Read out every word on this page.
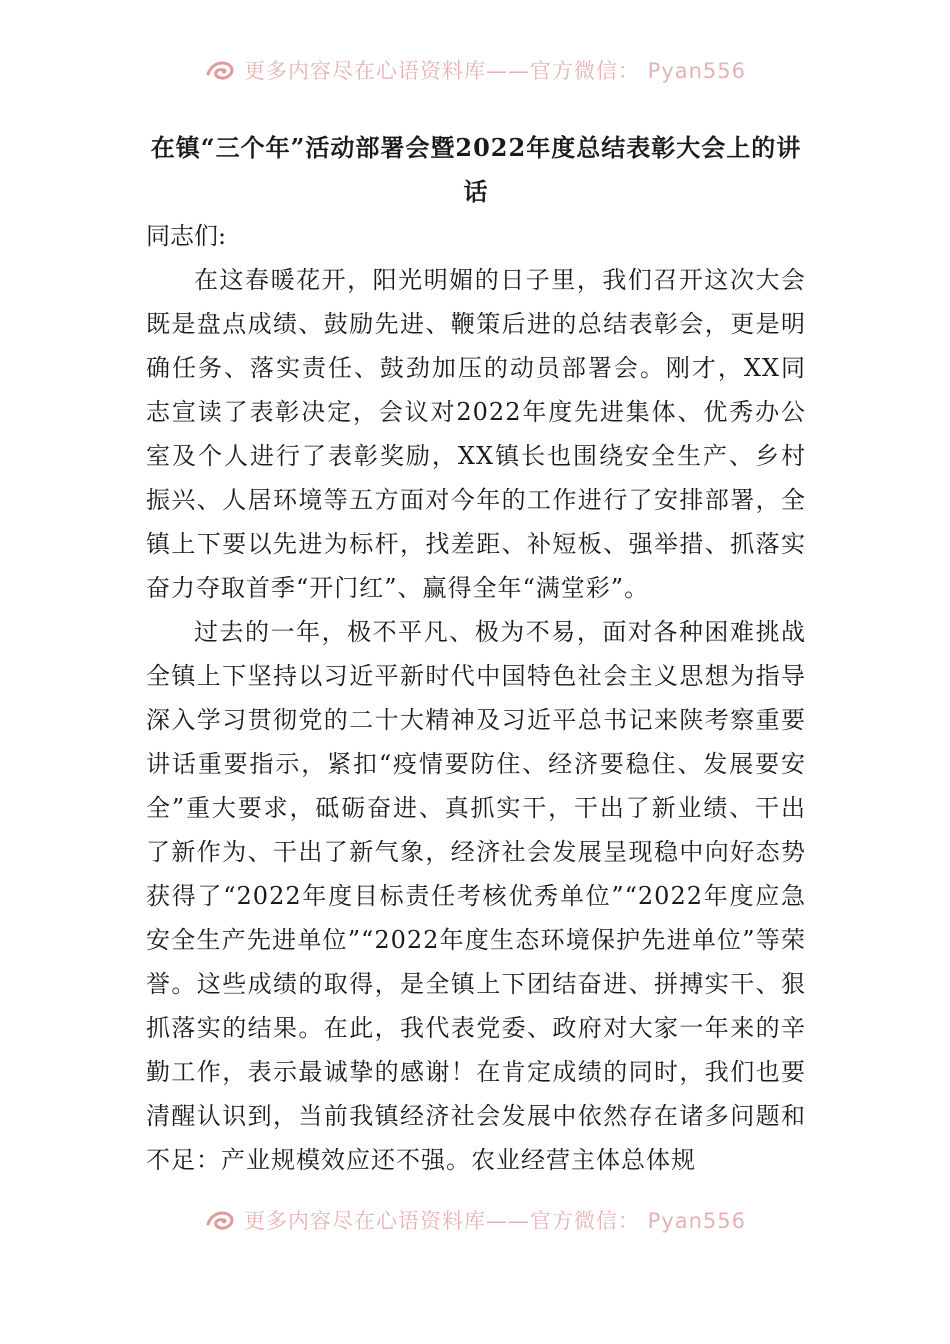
更多内容尽在心语资料库——官方微信： Pyan556
在镇“三个年”活动部署会暨2022年度总结表彰大会上的讲话

同志们:

在这春暖花开，阳光明媚的日子里，我们召开这次大会既是盘点成绩、鼓励先进、鞭策后进的总结表彰会，更是明确任务、落实责任、鼓劲加压的动员部署会。刚才，XX同志宣读了表彰决定，会议对2022年度先进集体、优秀办公室及个人进行了表彰奖励，XX镇长也围绕安全生产、乡村振兴、人居环境等五方面对今年的工作进行了安排部署，全镇上下要以先进为标杆，找差距、补短板、强举措、抓落实奋力夺取首季“开门红”、赢得全年“满堂彩”。

过去的一年，极不平凡、极为不易，面对各种困难挑战全镇上下坚持以习近平新时代中国特色社会主义思想为指导深入学习贯彻党的二十大精神及习近平总书记来陕考察重要讲话重要指示，紧扣“疫情要防住、经济要稳住、发展要安全”重大要求，砥砺奋进、真抓实干，干出了新业绩、干出了新作为、干出了新气象，经济社会发展呈现稳中向好态势获得了“2022年度目标责任考核优秀单位”“2022年度应急安全生产先进单位”“2022年度生态环境保护先进单位”等荣誉。这些成绩的取得，是全镇上下团结奋进、拼搏实干、狠抓落实的结果。在此，我代表党委、政府对大家一年来的辛勤工作，表示最诚挚的感谢！在肯定成绩的同时，我们也要清醒认识到，当前我镇经济社会发展中依然存在诸多问题和不足：产业规模效应还不强。农业经营主体总体规

更多内容尽在心语资料库——官方微信： Pyan556
